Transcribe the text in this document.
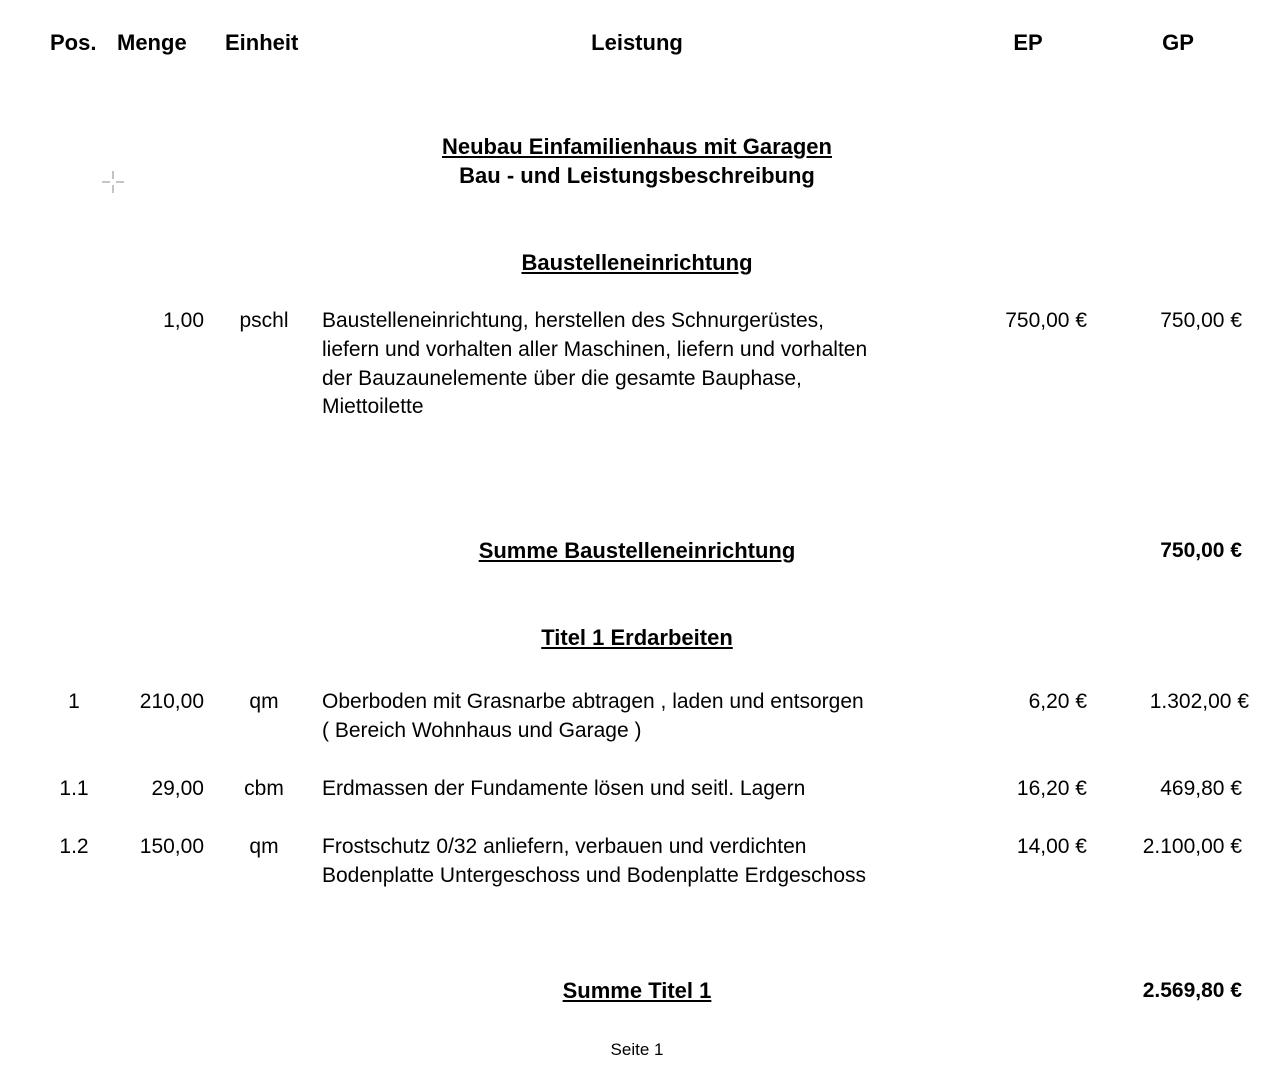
Pos. Menge Einheit	Leistung	EP	GP
Neubau Einfamilienhaus mit Garagen
Bau - und Leistungsbeschreibung
Baustelleneinrichtung
1,00	pschl	Baustelleneinrichtung, herstellen des Schnurgerüstes,
liefern und vorhalten aller Maschinen, liefern und vorhalten
der Bauzaunelemente über die gesamte Bauphase,
Miettoilette
750,00 €	750,00 €
Summe Baustelleneinrichtung	750,00 €
Titel 1 Erdarbeiten
1	210,00	qm	Oberboden mit Grasnarbe abtragen , laden und entsorgen
( Bereich Wohnhaus und Garage )
6,20 €	1.302,00 €
1.1	29,00	cbm	Erdmassen der Fundamente lösen und seitl. Lagern	16,20 €	469,80 €
1.2	150,00	qm	Frostschutz 0/32 anliefern, verbauen und verdichten
Bodenplatte Untergeschoss und Bodenplatte Erdgeschoss
14,00 €	2.100,00 €
Summe Titel 1	2.569,80 €
Seite 1
